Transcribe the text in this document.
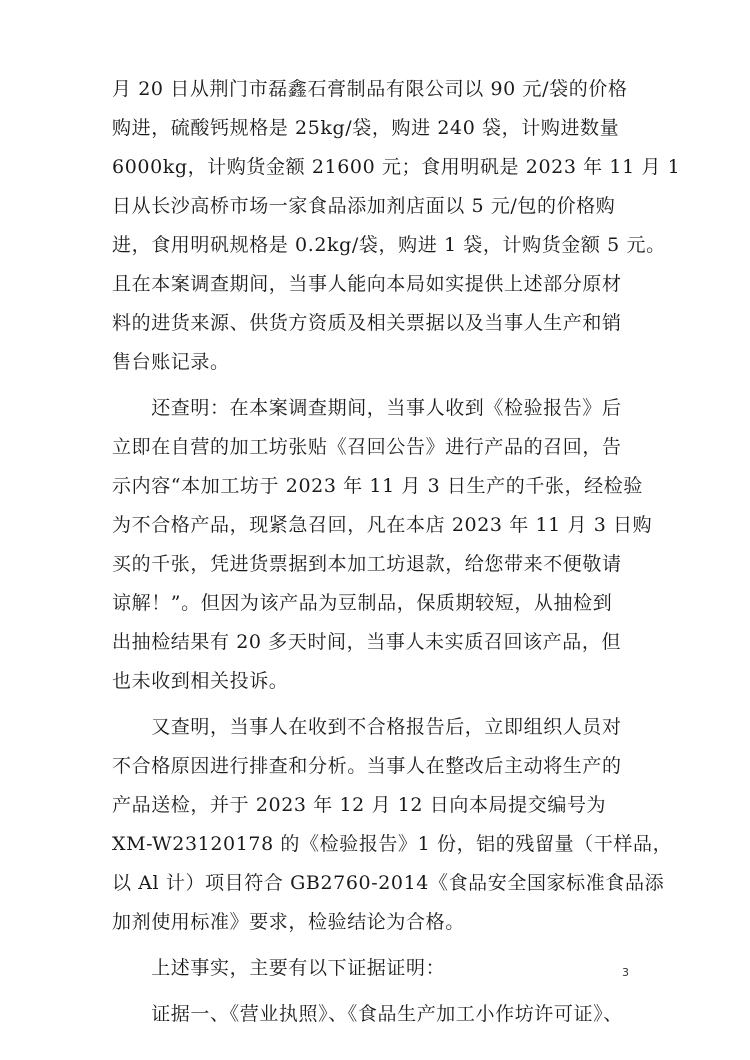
月 20 日从荆门市磊鑫石膏制品有限公司以 90 元/袋的价格
购进，硫酸钙规格是 25kg/袋，购进 240 袋，计购进数量
6000kg，计购货金额 21600 元；食用明矾是 2023 年 11 月 1
日从长沙高桥市场一家食品添加剂店面以 5 元/包的价格购
进，食用明矾规格是 0.2kg/袋，购进 1 袋，计购货金额 5 元。
且在本案调查期间，当事人能向本局如实提供上述部分原材
料的进货来源、供货方资质及相关票据以及当事人生产和销
售台账记录。
　　还查明：在本案调查期间，当事人收到《检验报告》后
立即在自营的加工坊张贴《召回公告》进行产品的召回，告
示内容“本加工坊于 2023 年 11 月 3 日生产的千张，经检验
为不合格产品，现紧急召回，凡在本店 2023 年 11 月 3 日购
买的千张，凭进货票据到本加工坊退款，给您带来不便敬请
谅解！”。但因为该产品为豆制品，保质期较短，从抽检到
出抽检结果有 20 多天时间，当事人未实质召回该产品，但
也未收到相关投诉。
　　又查明，当事人在收到不合格报告后，立即组织人员对
不合格原因进行排查和分析。当事人在整改后主动将生产的
产品送检，并于 2023 年 12 月 12 日向本局提交编号为
XM-W23120178 的《检验报告》1 份，铝的残留量（干样品，
以 Al 计）项目符合 GB2760-2014《食品安全国家标准食品添
加剂使用标准》要求，检验结论为合格。
　　上述事实，主要有以下证据证明：
　　证据一、《营业执照》、《食品生产加工小作坊许可证》、
3
